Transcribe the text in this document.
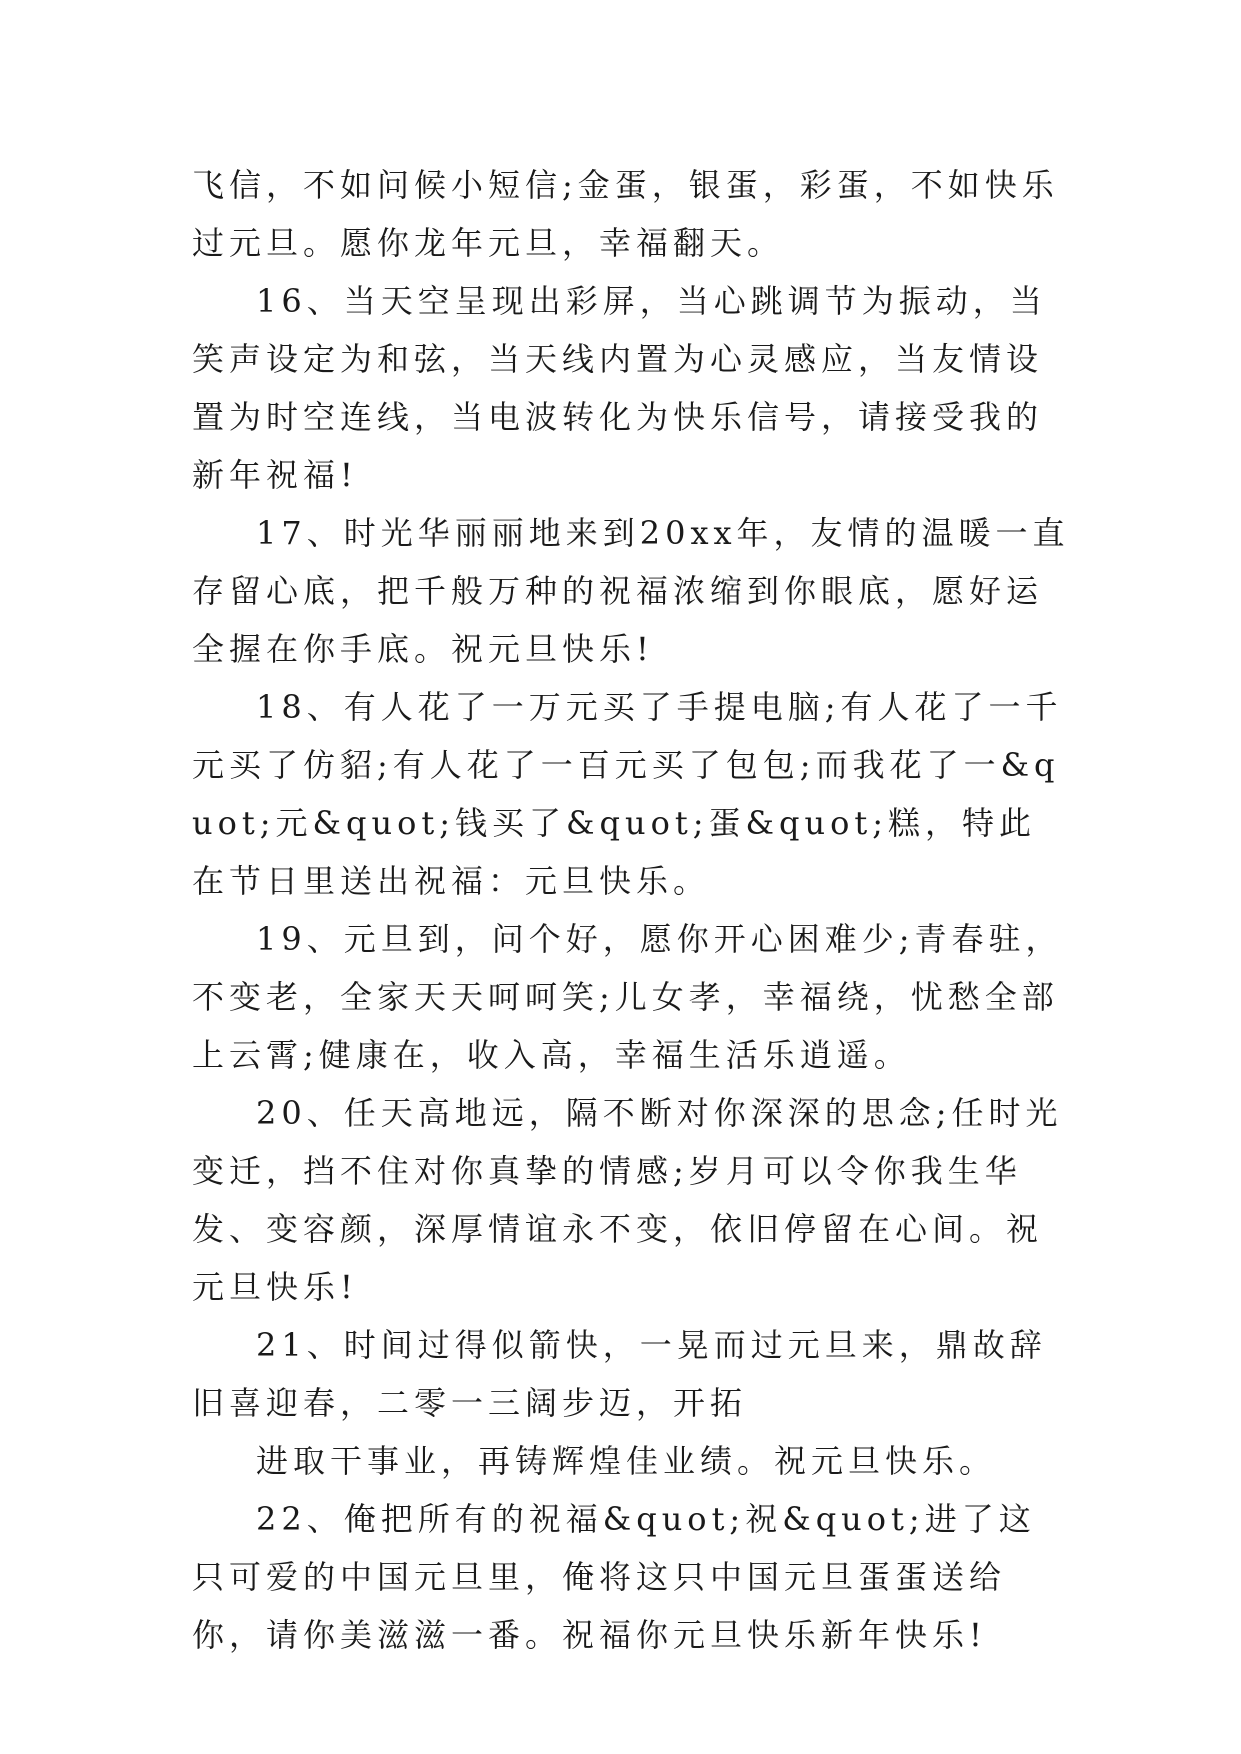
飞信，不如问候小短信;金蛋，银蛋，彩蛋，不如快乐过元旦。愿你龙年元旦，幸福翻天。

16、当天空呈现出彩屏，当心跳调节为振动，当笑声设定为和弦，当天线内置为心灵感应，当友情设置为时空连线，当电波转化为快乐信号，请接受我的新年祝福!

17、时光华丽丽地来到20xx年，友情的温暖一直存留心底，把千般万种的祝福浓缩到你眼底，愿好运全握在你手底。祝元旦快乐!

18、有人花了一万元买了手提电脑;有人花了一千元买了仿貂;有人花了一百元买了包包;而我花了一&quot;元&quot;钱买了&quot;蛋&quot;糕，特此在节日里送出祝福：元旦快乐。

19、元旦到，问个好，愿你开心困难少;青春驻，不变老，全家天天呵呵笑;儿女孝，幸福绕，忧愁全部上云霄;健康在，收入高，幸福生活乐逍遥。

20、任天高地远，隔不断对你深深的思念;任时光变迁，挡不住对你真挚的情感;岁月可以令你我生华发、变容颜，深厚情谊永不变，依旧停留在心间。祝元旦快乐!

21、时间过得似箭快，一晃而过元旦来，鼎故辞旧喜迎春，二零一三阔步迈，开拓

进取干事业，再铸辉煌佳业绩。祝元旦快乐。

22、俺把所有的祝福&quot;祝&quot;进了这只可爱的中国元旦里，俺将这只中国元旦蛋蛋送给你，请你美滋滋一番。祝福你元旦快乐新年快乐!
